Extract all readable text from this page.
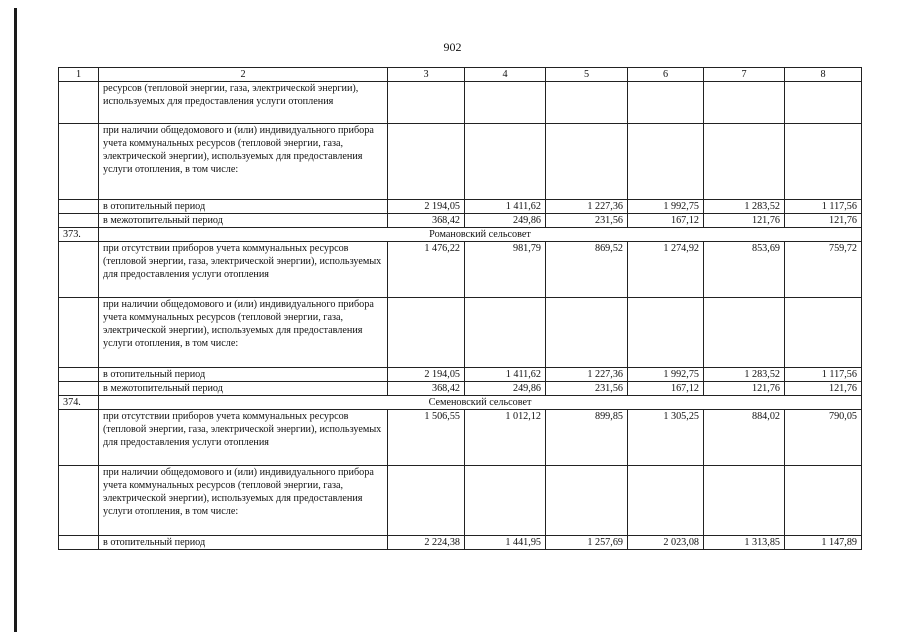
902
1	2	3	4	5	6	7	8
	ресурсов (тепловой энергии, газа, электрической энергии), используемых для предоставления услуги отопления						
	при наличии общедомового и (или) индивидуального прибора учета коммунальных ресурсов (тепловой энергии, газа, электрической энергии), используемых для предоставления услуги отопления, в том числе:						
	в отопительный период	2 194,05	1 411,62	1 227,36	1 992,75	1 283,52	1 117,56
	в межотопительный период	368,42	249,86	231,56	167,12	121,76	121,76
373.	Романовский сельсовет						
	при отсутствии приборов учета коммунальных ресурсов (тепловой энергии, газа, электрической энергии), используемых для предоставления услуги отопления	1 476,22	981,79	869,52	1 274,92	853,69	759,72
	при наличии общедомового и (или) индивидуального прибора учета коммунальных ресурсов (тепловой энергии, газа, электрической энергии), используемых для предоставления услуги отопления, в том числе:						
	в отопительный период	2 194,05	1 411,62	1 227,36	1 992,75	1 283,52	1 117,56
	в межотопительный период	368,42	249,86	231,56	167,12	121,76	121,76
374.	Семеновский сельсовет						
	при отсутствии приборов учета коммунальных ресурсов (тепловой энергии, газа, электрической энергии), используемых для предоставления услуги отопления	1 506,55	1 012,12	899,85	1 305,25	884,02	790,05
	при наличии общедомового и (или) индивидуального прибора учета коммунальных ресурсов (тепловой энергии, газа, электрической энергии), используемых для предоставления услуги отопления, в том числе:						
	в отопительный период	2 224,38	1 441,95	1 257,69	2 023,08	1 313,85	1 147,89
